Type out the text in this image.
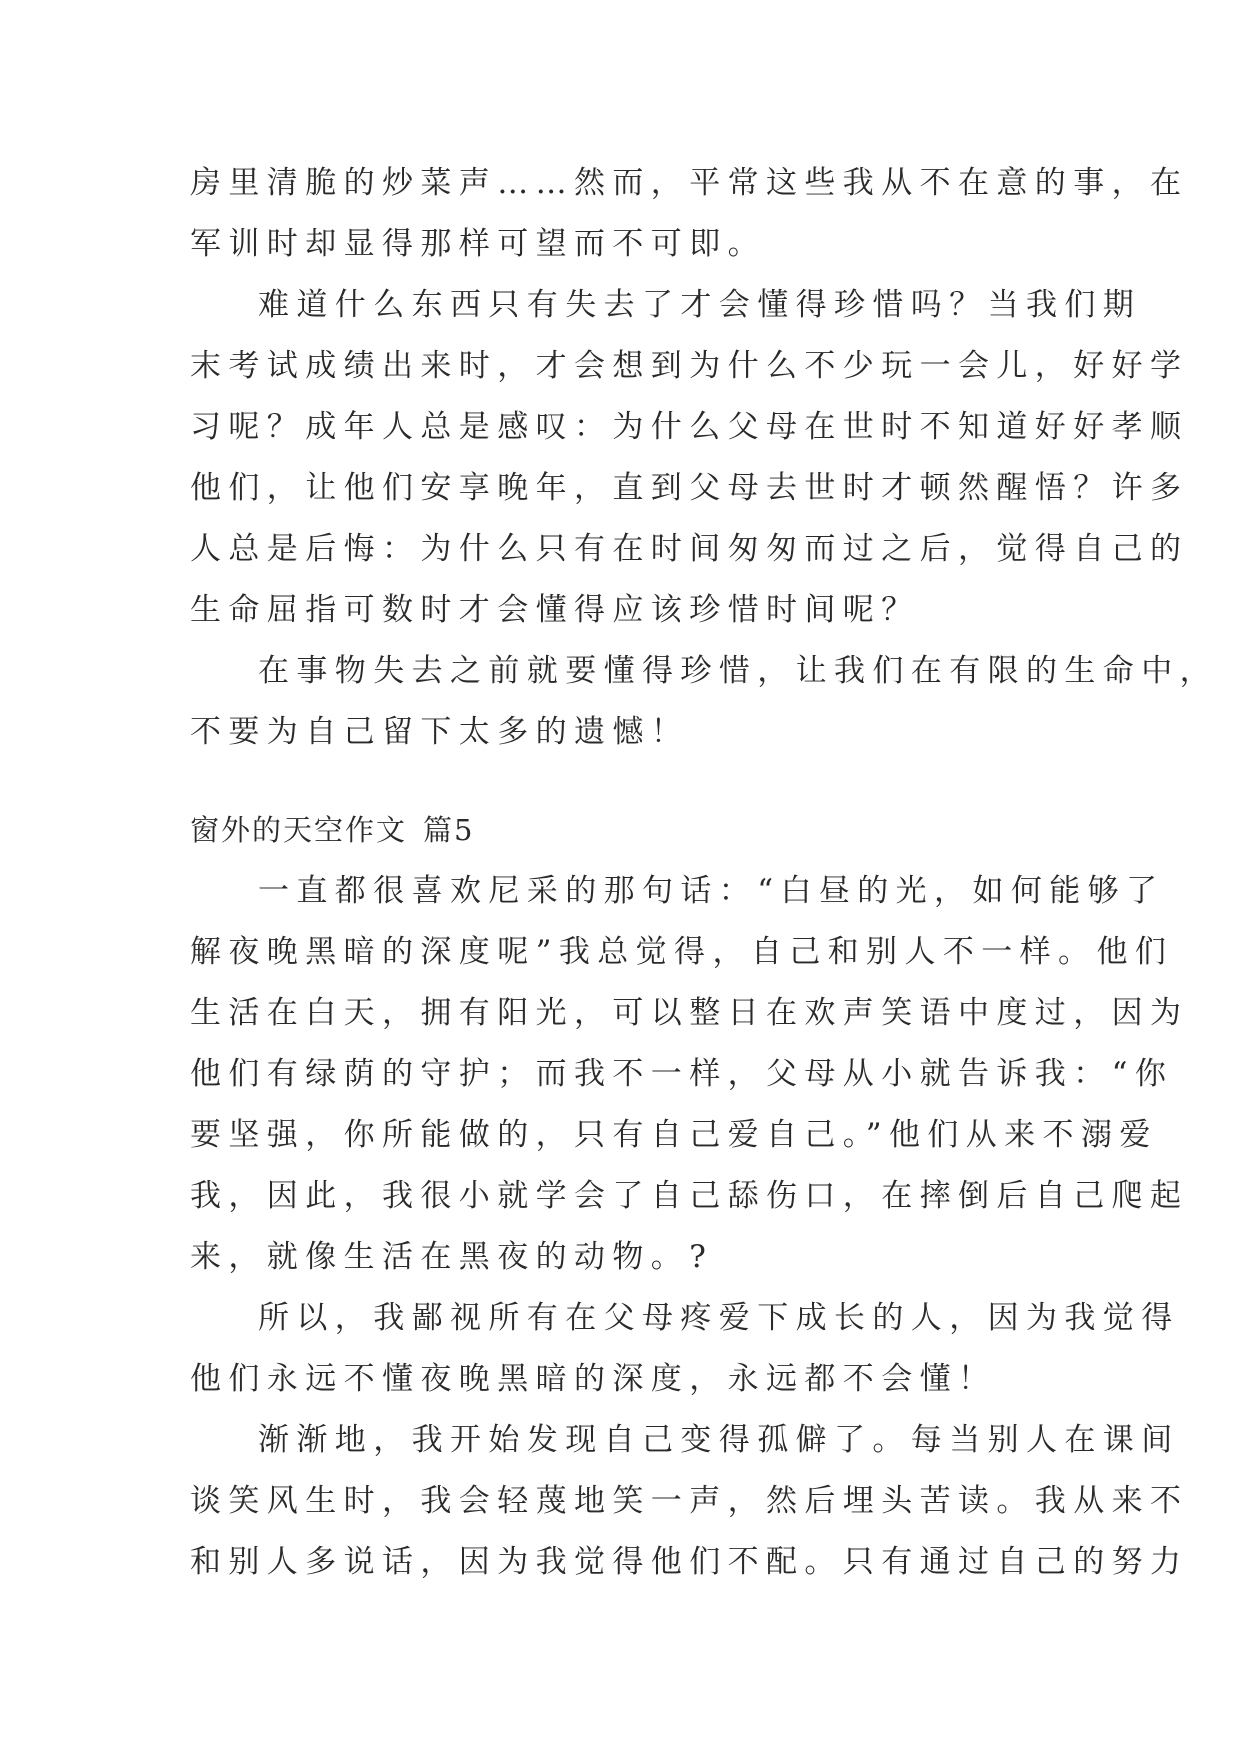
房里清脆的炒菜声……然而，平常这些我从不在意的事，在
军训时却显得那样可望而不可即。
难道什么东西只有失去了才会懂得珍惜吗？当我们期
末考试成绩出来时，才会想到为什么不少玩一会儿，好好学
习呢？成年人总是感叹：为什么父母在世时不知道好好孝顺
他们，让他们安享晚年，直到父母去世时才顿然醒悟？许多
人总是后悔：为什么只有在时间匆匆而过之后，觉得自己的
生命屈指可数时才会懂得应该珍惜时间呢？
在事物失去之前就要懂得珍惜，让我们在有限的生命中，
不要为自己留下太多的遗憾！
窗外的天空作文 篇5
一直都很喜欢尼采的那句话：“白昼的光，如何能够了
解夜晚黑暗的深度呢”我总觉得，自己和别人不一样。他们
生活在白天，拥有阳光，可以整日在欢声笑语中度过，因为
他们有绿荫的守护；而我不一样，父母从小就告诉我：“你
要坚强，你所能做的，只有自己爱自己。”他们从来不溺爱
我，因此，我很小就学会了自己舔伤口，在摔倒后自己爬起
来，就像生活在黑夜的动物。?
所以，我鄙视所有在父母疼爱下成长的人，因为我觉得
他们永远不懂夜晚黑暗的深度，永远都不会懂！
渐渐地，我开始发现自己变得孤僻了。每当别人在课间
谈笑风生时，我会轻蔑地笑一声，然后埋头苦读。我从来不
和别人多说话，因为我觉得他们不配。只有通过自己的努力
